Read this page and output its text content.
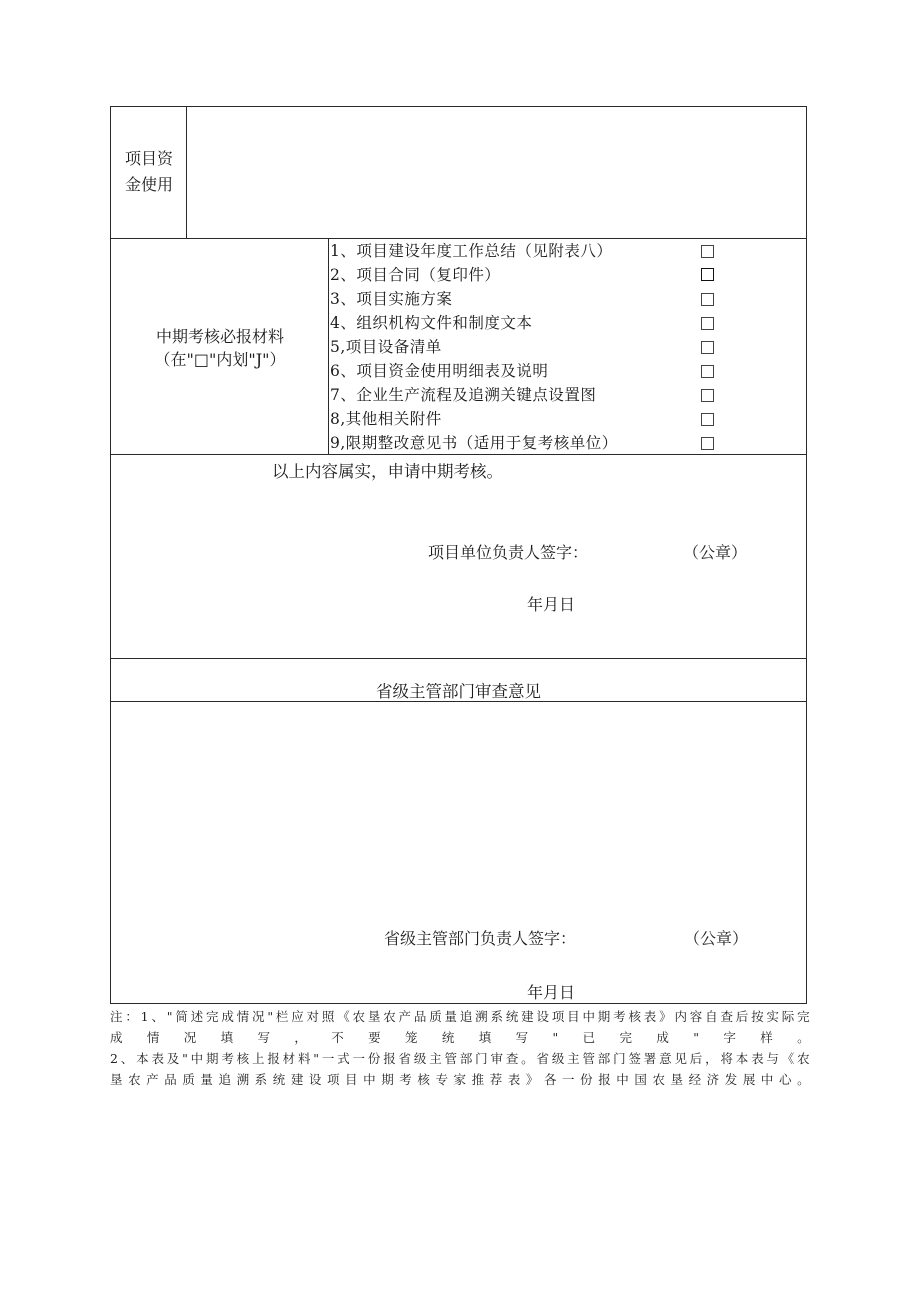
项目资金使用
中期考核必报材料（在"□"内划"J"）
1、项目建设年度工作总结（见附表八）
2、项目合同（复印件）
3、项目实施方案
4、组织机构文件和制度文本
5,项目设备清单
6、项目资金使用明细表及说明
7、企业生产流程及追溯关键点设置图
8,其他相关附件
9,限期整改意见书（适用于复考核单位）
以上内容属实，申请中期考核。
项目单位负责人签字：	（公章）
年月日
省级主管部门审查意见
省级主管部门负责人签字：	（公章）
年月日
注：1、"简述完成情况"栏应对照《农垦农产品质量追溯系统建设项目中期考核表》内容自查后按实际完
成情况填写，不要笼统填写"已完成"字样。
2、本表及"中期考核上报材料"一式一份报省级主管部门审查。省级主管部门签署意见后，将本表与《农
垦农产品质量追溯系统建设项目中期考核专家推荐表》各一份报中国农垦经济发展中心。
